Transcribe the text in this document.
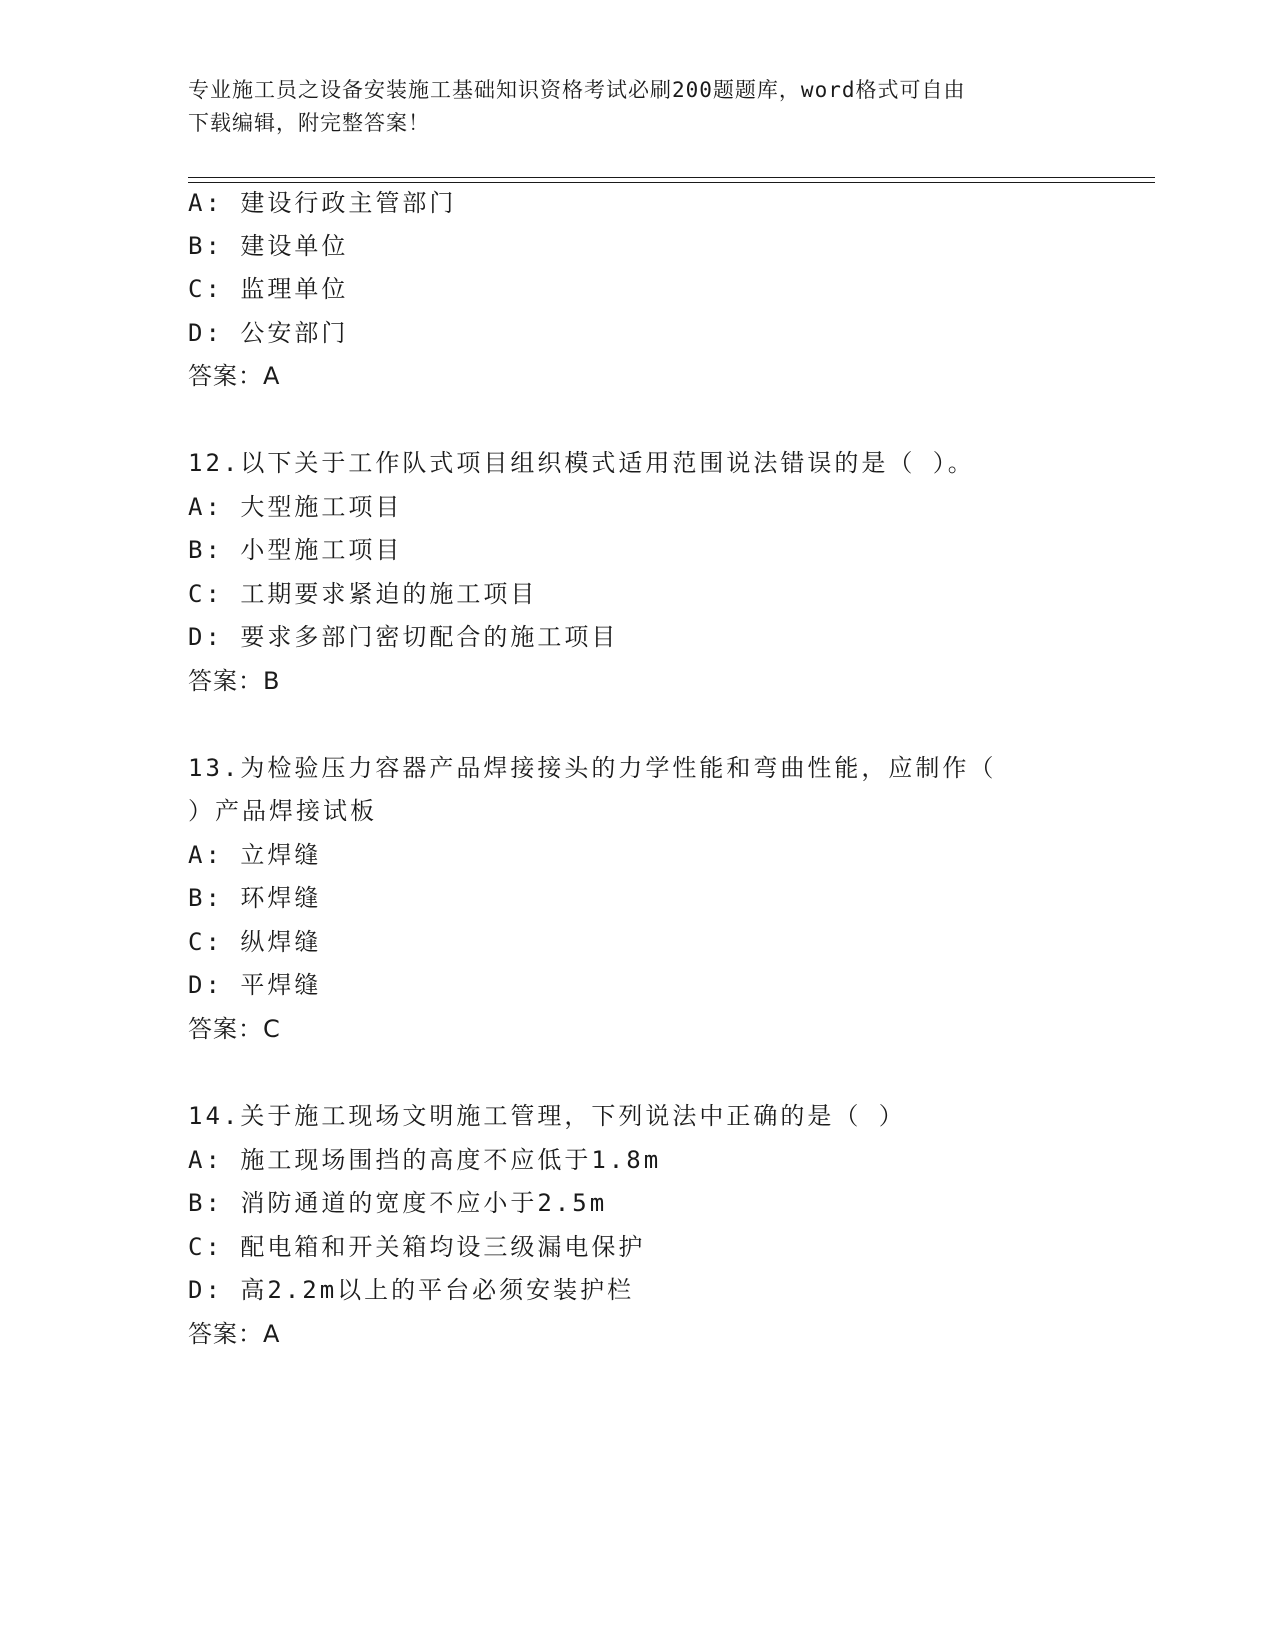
专业施工员之设备安装施工基础知识资格考试必刷200题题库，word格式可自由
下载编辑，附完整答案！
A: 建设行政主管部门
B: 建设单位
C: 监理单位
D: 公安部门
答案：A
12.以下关于工作队式项目组织模式适用范围说法错误的是（ ）。
A: 大型施工项目
B: 小型施工项目
C: 工期要求紧迫的施工项目
D: 要求多部门密切配合的施工项目
答案：B
13.为检验压力容器产品焊接接头的力学性能和弯曲性能，应制作（
）产品焊接试板
A: 立焊缝
B: 环焊缝
C: 纵焊缝
D: 平焊缝
答案：C
14.关于施工现场文明施工管理，下列说法中正确的是（ ）
A: 施工现场围挡的高度不应低于1.8m
B: 消防通道的宽度不应小于2.5m
C: 配电箱和开关箱均设三级漏电保护
D: 高2.2m以上的平台必须安装护栏
答案：A
